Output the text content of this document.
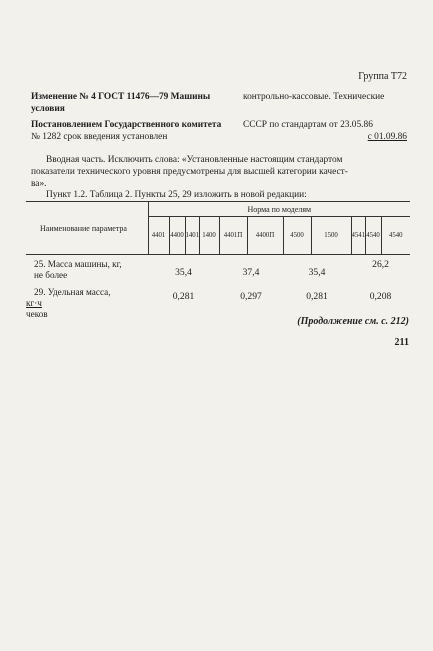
Группа Т72
Изменение № 4 ГОСТ 11476—79 Машины	контрольно-кассовые. Технические
условия
Постановлением Государственного комитета СССР по стандартам от 23.05.86
№ 1282 срок введения установлен	с 01.09.86
Вводная часть. Исключить слова: «Установленные настоящим стандартом
показатели технического уровня предусмотрены для высшей категории качест-
ва».
Пункт 1.2. Таблица 2. Пункты 25, 29 изложить в новой редакции:
Наименование параметра	Норма по моделям										
	4401	4400	1401	1400	4401П	4400П	4500	1500	4541	4540	4540

25. Масса машины, кг,
не более	35,4				37,4		35,4		26,2		

29. Удельная масса,
кг·ч
чеков	0,281				0,297		0,281		0,208		
(Продолжение см. с. 212)
211
